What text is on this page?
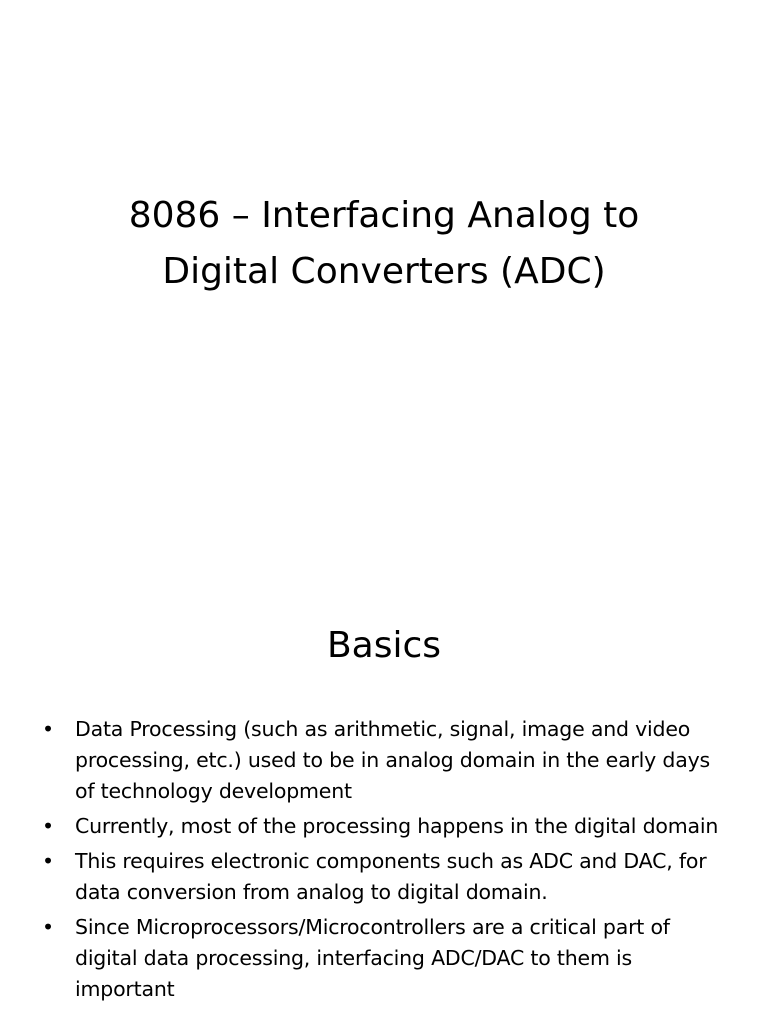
8086 – Interfacing Analog to
Digital Converters (ADC)
Basics
• Data Processing (such as arithmetic, signal, image and video processing, etc.) used to be in analog domain in the early days of technology development
• Currently, most of the processing happens in the digital domain
• This requires electronic components such as ADC and DAC, for data conversion from analog to digital domain.
• Since Microprocessors/Microcontrollers are a critical part of digital data processing, interfacing ADC/DAC to them is important
